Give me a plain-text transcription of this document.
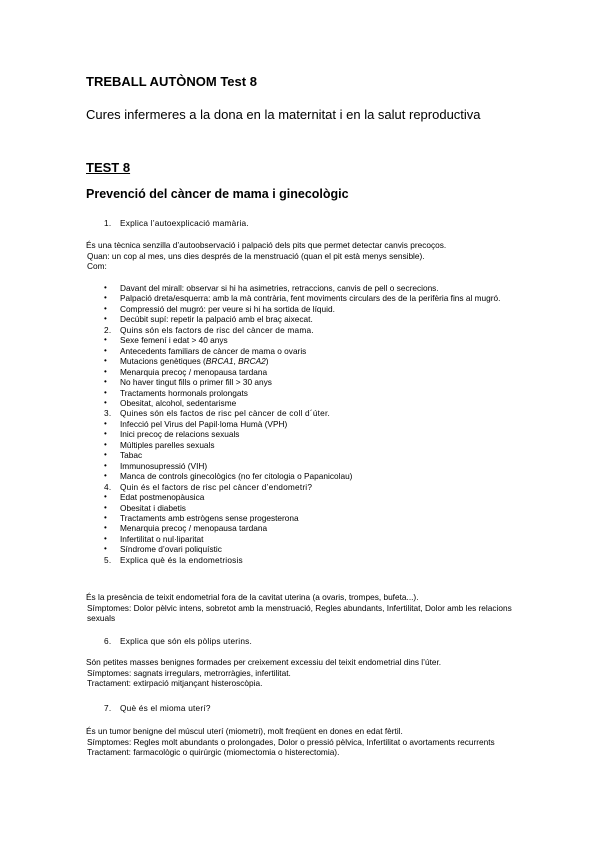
TREBALL AUTÒNOM Test 8
Cures infermeres a la dona en la maternitat i en la salut reproductiva
TEST 8
Prevenció del càncer de mama i ginecològic
1. Explica l’autoexplicació mamària.
És una tècnica senzilla d’autoobservació i palpació dels pits que permet detectar canvis precoços.
Quan: un cop al mes, uns dies després de la menstruació (quan el pit està menys sensible).
Com:
• Davant del mirall: observar si hi ha asimetries, retraccions, canvis de pell o secrecions.
• Palpació dreta/esquerra: amb la mà contrària, fent moviments circulars des de la perifèria fins al mugró.
• Compressió del mugró: per veure si hi ha sortida de líquid.
• Decúbit supí: repetir la palpació amb el braç aixecat.
2. Quins són els factors de risc del càncer de mama.
• Sexe femení i edat > 40 anys
• Antecedents familiars de càncer de mama o ovaris
• Mutacions genètiques (BRCA1, BRCA2)
• Menarquia precoç / menopausa tardana
• No haver tingut fills o primer fill > 30 anys
• Tractaments hormonals prolongats
• Obesitat, alcohol, sedentarisme
3. Quines són els factos de risc pel càncer de coll d´úter.
• Infecció pel Virus del Papil·loma Humà (VPH)
• Inici precoç de relacions sexuals
• Múltiples parelles sexuals
• Tabac
• Immunosupressió (VIH)
• Manca de controls ginecològics (no fer citologia o Papanicolau)
4. Quin és el factors de risc pel càncer d’endometri?
• Edat postmenopàusica
• Obesitat i diabetis
• Tractaments amb estrògens sense progesterona
• Menarquia precoç / menopausa tardana
• Infertilitat o nul·liparitat
• Síndrome d’ovari poliquístic
5. Explica què és la endometriosis
És la presència de teixit endometrial fora de la cavitat uterina (a ovaris, trompes, bufeta...).
Símptomes: Dolor pèlvic intens, sobretot amb la menstruació, Regles abundants, Infertilitat, Dolor amb les relacions sexuals
6. Explica que són els pòlips uterins.
Són petites masses benignes formades per creixement excessiu del teixit endometrial dins l’úter.
Símptomes: sagnats irregulars, metrorràgies, infertilitat.
Tractament: extirpació mitjançant histeroscòpia.
7. Què és el mioma uterí?
És un tumor benigne del múscul uterí (miometri), molt freqüent en dones en edat fèrtil.
Símptomes: Regles molt abundants o prolongades, Dolor o pressió pèlvica, Infertilitat o avortaments recurrents Tractament: farmacològic o quirúrgic (miomectomia o histerectomia).
